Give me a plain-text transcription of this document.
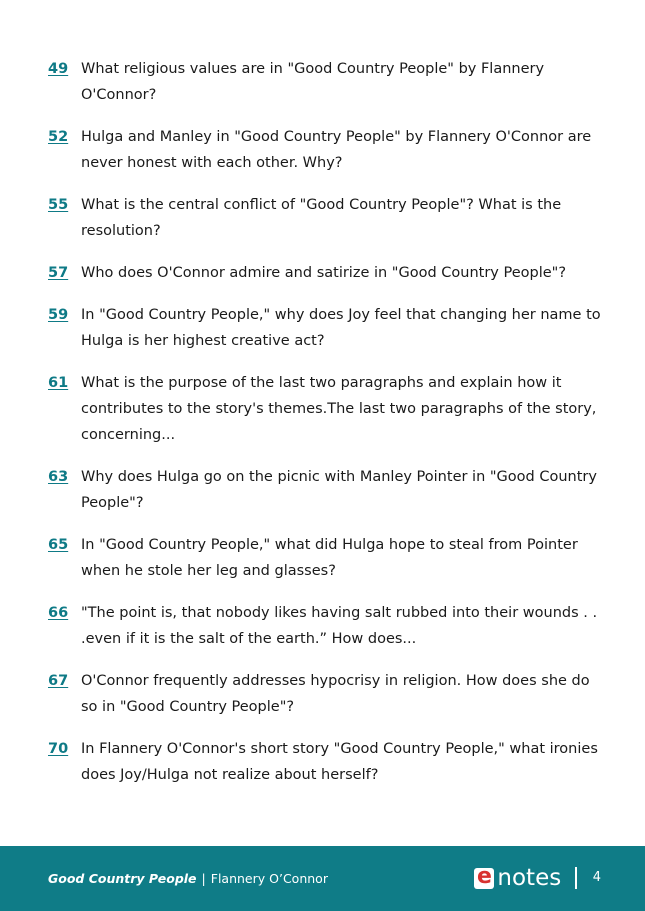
49 What religious values are in "Good Country People" by Flannery O'Connor?
52 Hulga and Manley in "Good Country People" by Flannery O'Connor are never honest with each other. Why?
55 What is the central conflict of "Good Country People"? What is the resolution?
57 Who does O'Connor admire and satirize in "Good Country People"?
59 In "Good Country People," why does Joy feel that changing her name to Hulga is her highest creative act?
61 What is the purpose of the last two paragraphs and explain how it contributes to the story's themes.The last two paragraphs of the story, concerning...
63 Why does Hulga go on the picnic with Manley Pointer in "Good Country People"?
65 In "Good Country People," what did Hulga hope to steal from Pointer when he stole her leg and glasses?
66 "The point is, that nobody likes having salt rubbed into their wounds . . .even if it is the salt of the earth.” How does...
67 O'Connor frequently addresses hypocrisy in religion. How does she do so in "Good Country People"?
70 In Flannery O'Connor's short story "Good Country People," what ironies does Joy/Hulga not realize about herself?
Good Country People | Flannery O’Connor	e notes 4
